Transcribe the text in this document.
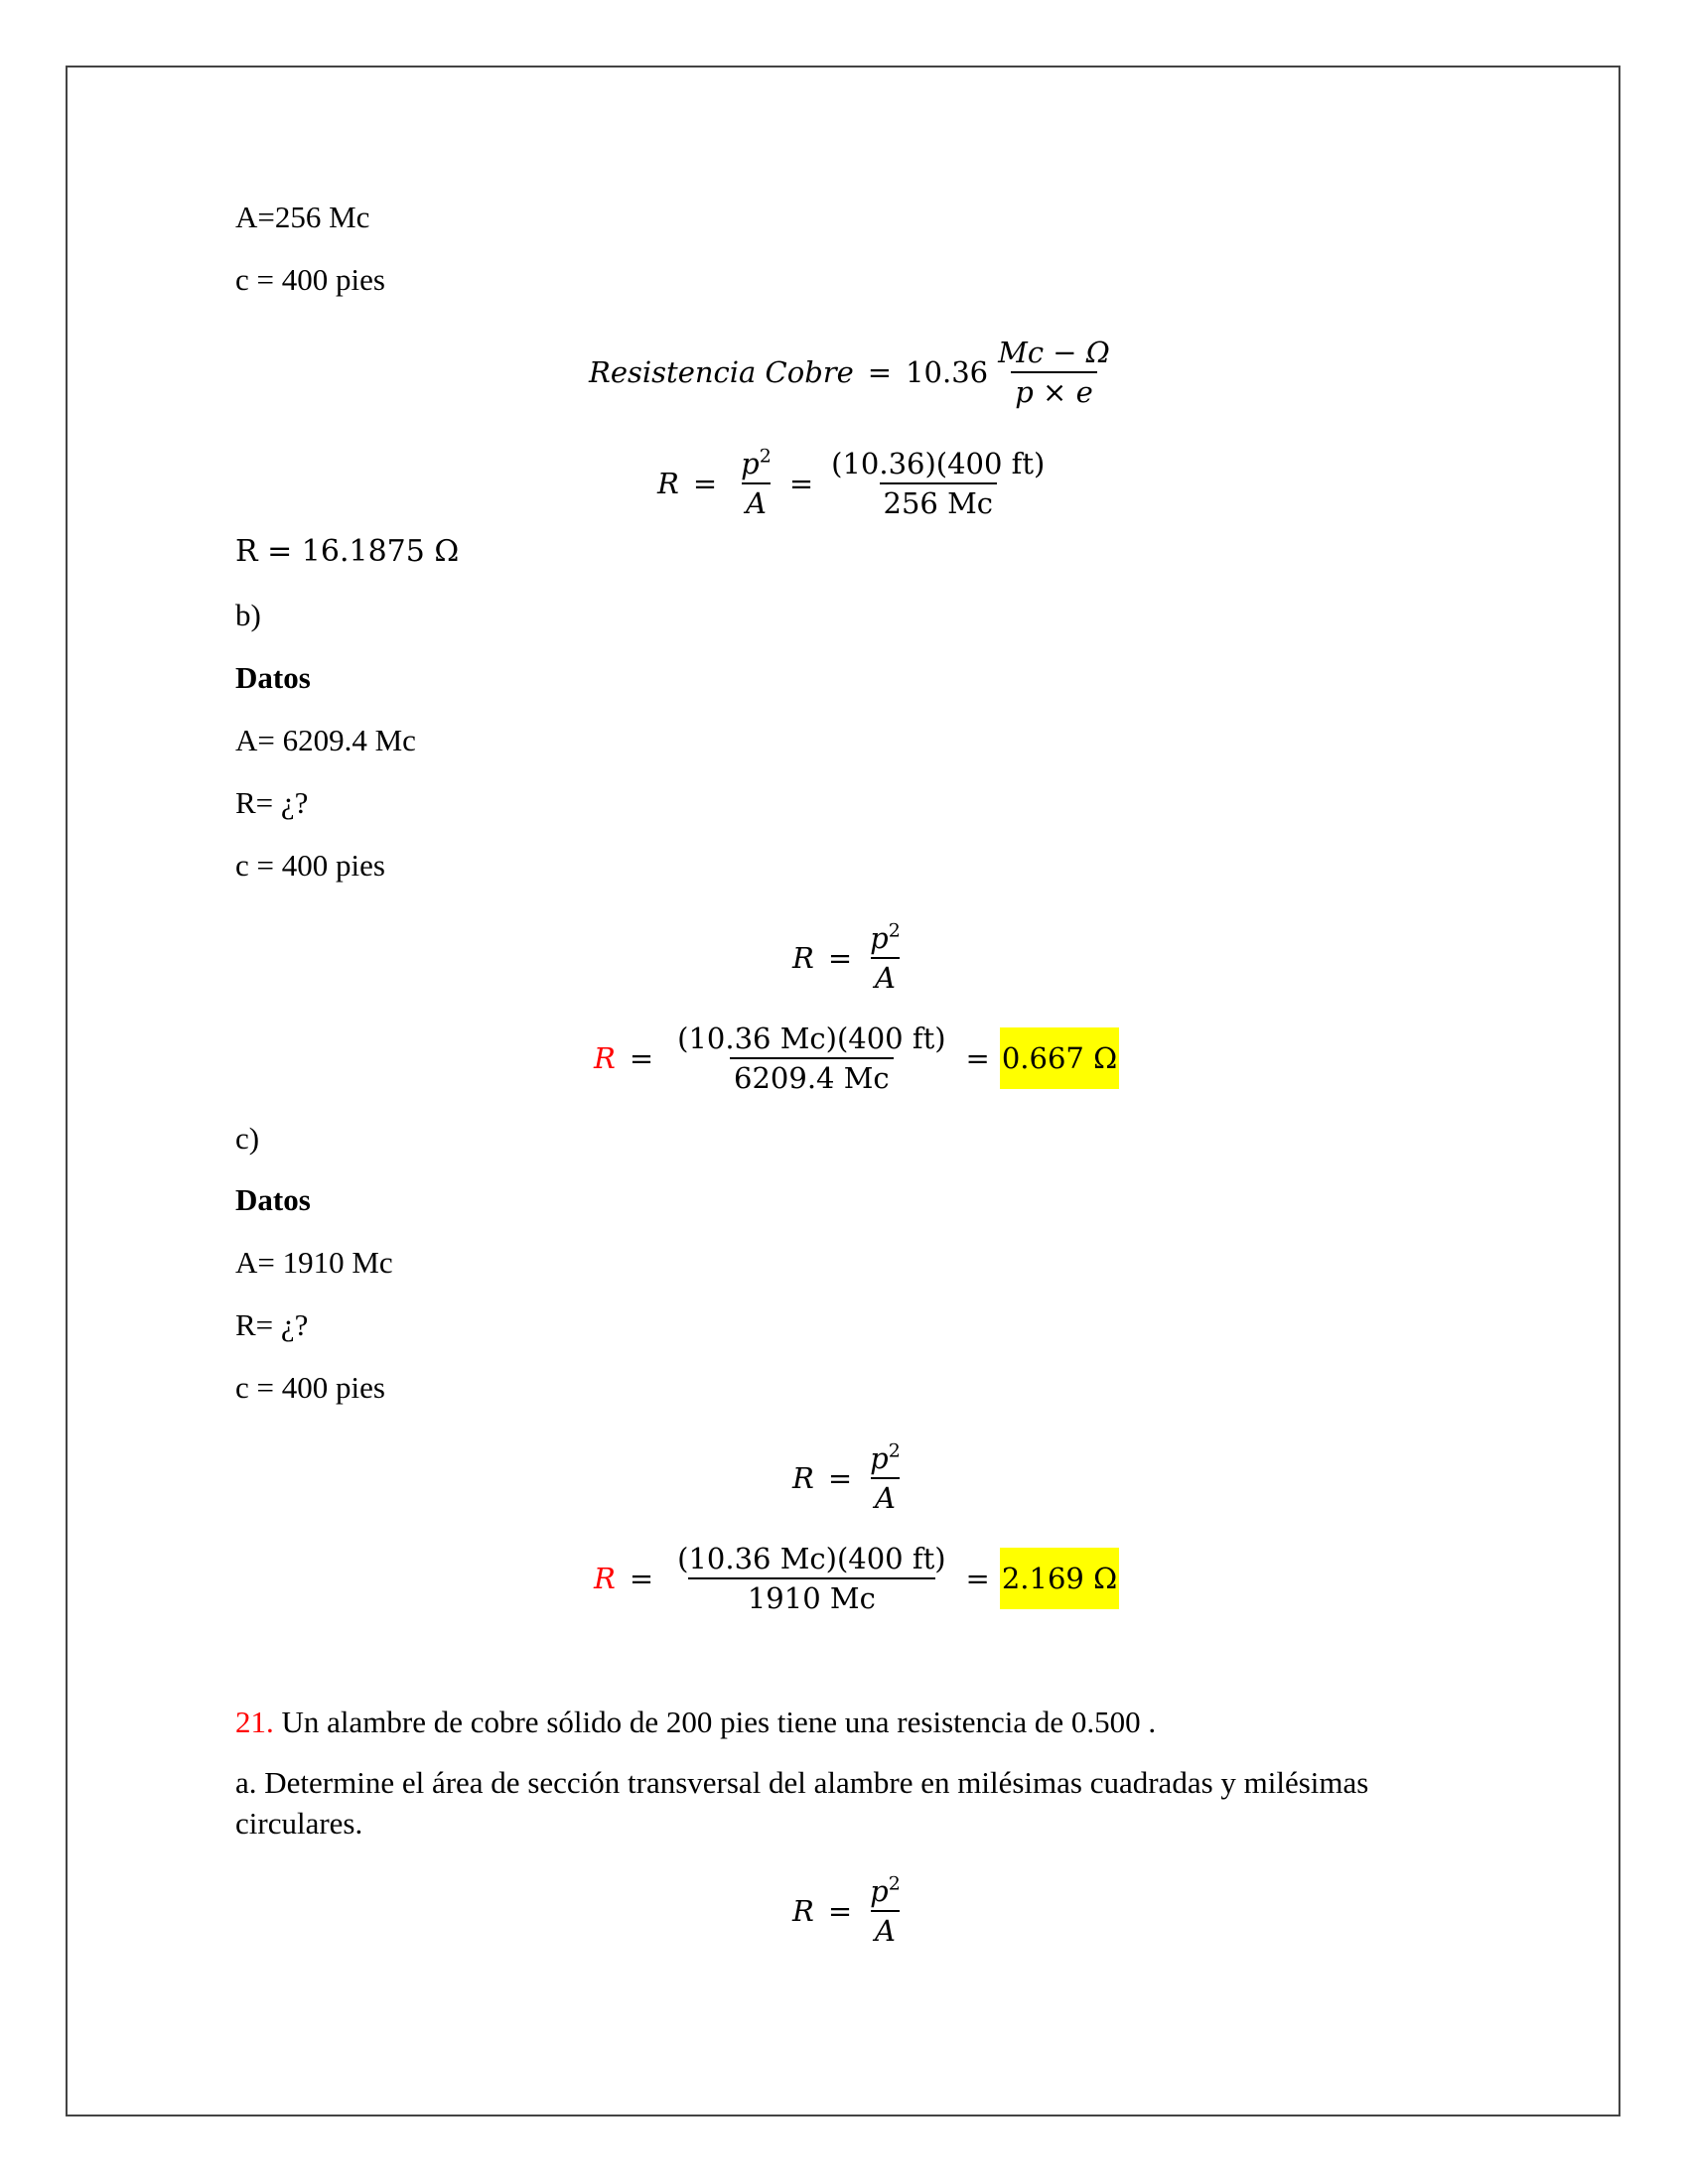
A=256 Mc
c = 400 pies
Resistencia Cobre = $10.36 \frac{Mc - \Omega}{p \times e}$
$R = \frac{p^2}{A} = \frac{(10.36)(400 ft)}{256 Mc}$
R = 16.1875 Ω
b)
Datos
A= 6209.4 Mc
R= ¿?
c = 400 pies
$R = \frac{p^2}{A}$
$R = \frac{(10.36 Mc)(400 ft)}{6209.4 Mc} = 0.667$ Ω
c)
Datos
A= 1910 Mc
R= ¿?
c = 400 pies
$R = \frac{p^2}{A}$
$R = \frac{(10.36 Mc)(400 ft)}{1910 Mc} = 2.169$ Ω
21. Un alambre de cobre sólido de 200 pies tiene una resistencia de 0.500 .
a. Determine el área de sección transversal del alambre en milésimas cuadradas y milésimas circulares.
$R = \frac{p^2}{A}$
